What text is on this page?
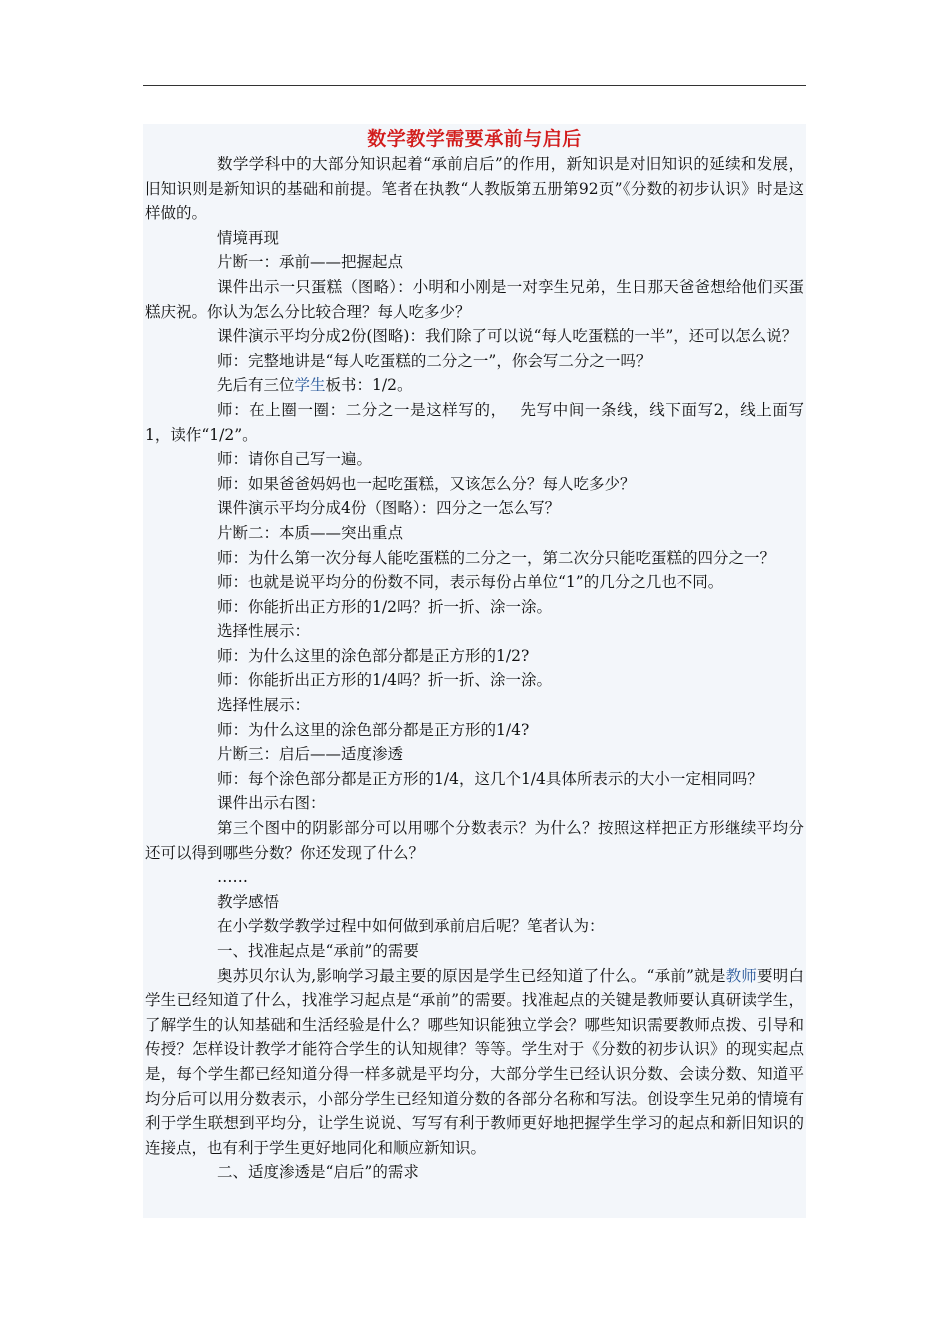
数学教学需要承前与启后

数学学科中的大部分知识起着“承前启后”的作用，新知识是对旧知识的延续和发展，旧知识则是新知识的基础和前提。笔者在执教“人教版第五册第92页”《分数的初步认识》时是这样做的。

情境再现

片断一：承前——把握起点

课件出示一只蛋糕（图略）：小明和小刚是一对孪生兄弟，生日那天爸爸想给他们买蛋糕庆祝。你认为怎么分比较合理？每人吃多少？

课件演示平均分成2份(图略)：我们除了可以说“每人吃蛋糕的一半”，还可以怎么说？

师：完整地讲是“每人吃蛋糕的二分之一”，你会写二分之一吗？

先后有三位学生板书：1/2。

师：在上圈一圈：二分之一是这样写的，　 先写中间一条线，线下面写2，线上面写1，读作“1/2”。

师：请你自己写一遍。

师：如果爸爸妈妈也一起吃蛋糕，又该怎么分？每人吃多少？

课件演示平均分成4份（图略）：四分之一怎么写？

片断二：本质——突出重点

师：为什么第一次分每人能吃蛋糕的二分之一，第二次分只能吃蛋糕的四分之一？

师：也就是说平均分的份数不同，表示每份占单位“1”的几分之几也不同。

师：你能折出正方形的1/2吗？折一折、涂一涂。

选择性展示：

师：为什么这里的涂色部分都是正方形的1/2?

师：你能折出正方形的1/4吗？折一折、涂一涂。

选择性展示：

师：为什么这里的涂色部分都是正方形的1/4?

片断三：启后——适度渗透

师：每个涂色部分都是正方形的1/4，这几个1/4具体所表示的大小一定相同吗？

课件出示右图：

第三个图中的阴影部分可以用哪个分数表示？为什么？按照这样把正方形继续平均分还可以得到哪些分数？你还发现了什么？

……

教学感悟

在小学数学教学过程中如何做到承前启后呢？笔者认为：

一、找准起点是“承前”的需要

奥苏贝尔认为,影响学习最主要的原因是学生已经知道了什么。“承前”就是教师要明白学生已经知道了什么，找准学习起点是“承前”的需要。找准起点的关键是教师要认真研读学生，了解学生的认知基础和生活经验是什么？哪些知识能独立学会？哪些知识需要教师点拨、引导和传授？怎样设计教学才能符合学生的认知规律？等等。学生对于《分数的初步认识》的现实起点是，每个学生都已经知道分得一样多就是平均分，大部分学生已经认识分数、会读分数、知道平均分后可以用分数表示，小部分学生已经知道分数的各部分名称和写法。创设孪生兄弟的情境有利于学生联想到平均分，让学生说说、写写有利于教师更好地把握学生学习的起点和新旧知识的连接点，也有利于学生更好地同化和顺应新知识。

二、适度渗透是“启后”的需求
